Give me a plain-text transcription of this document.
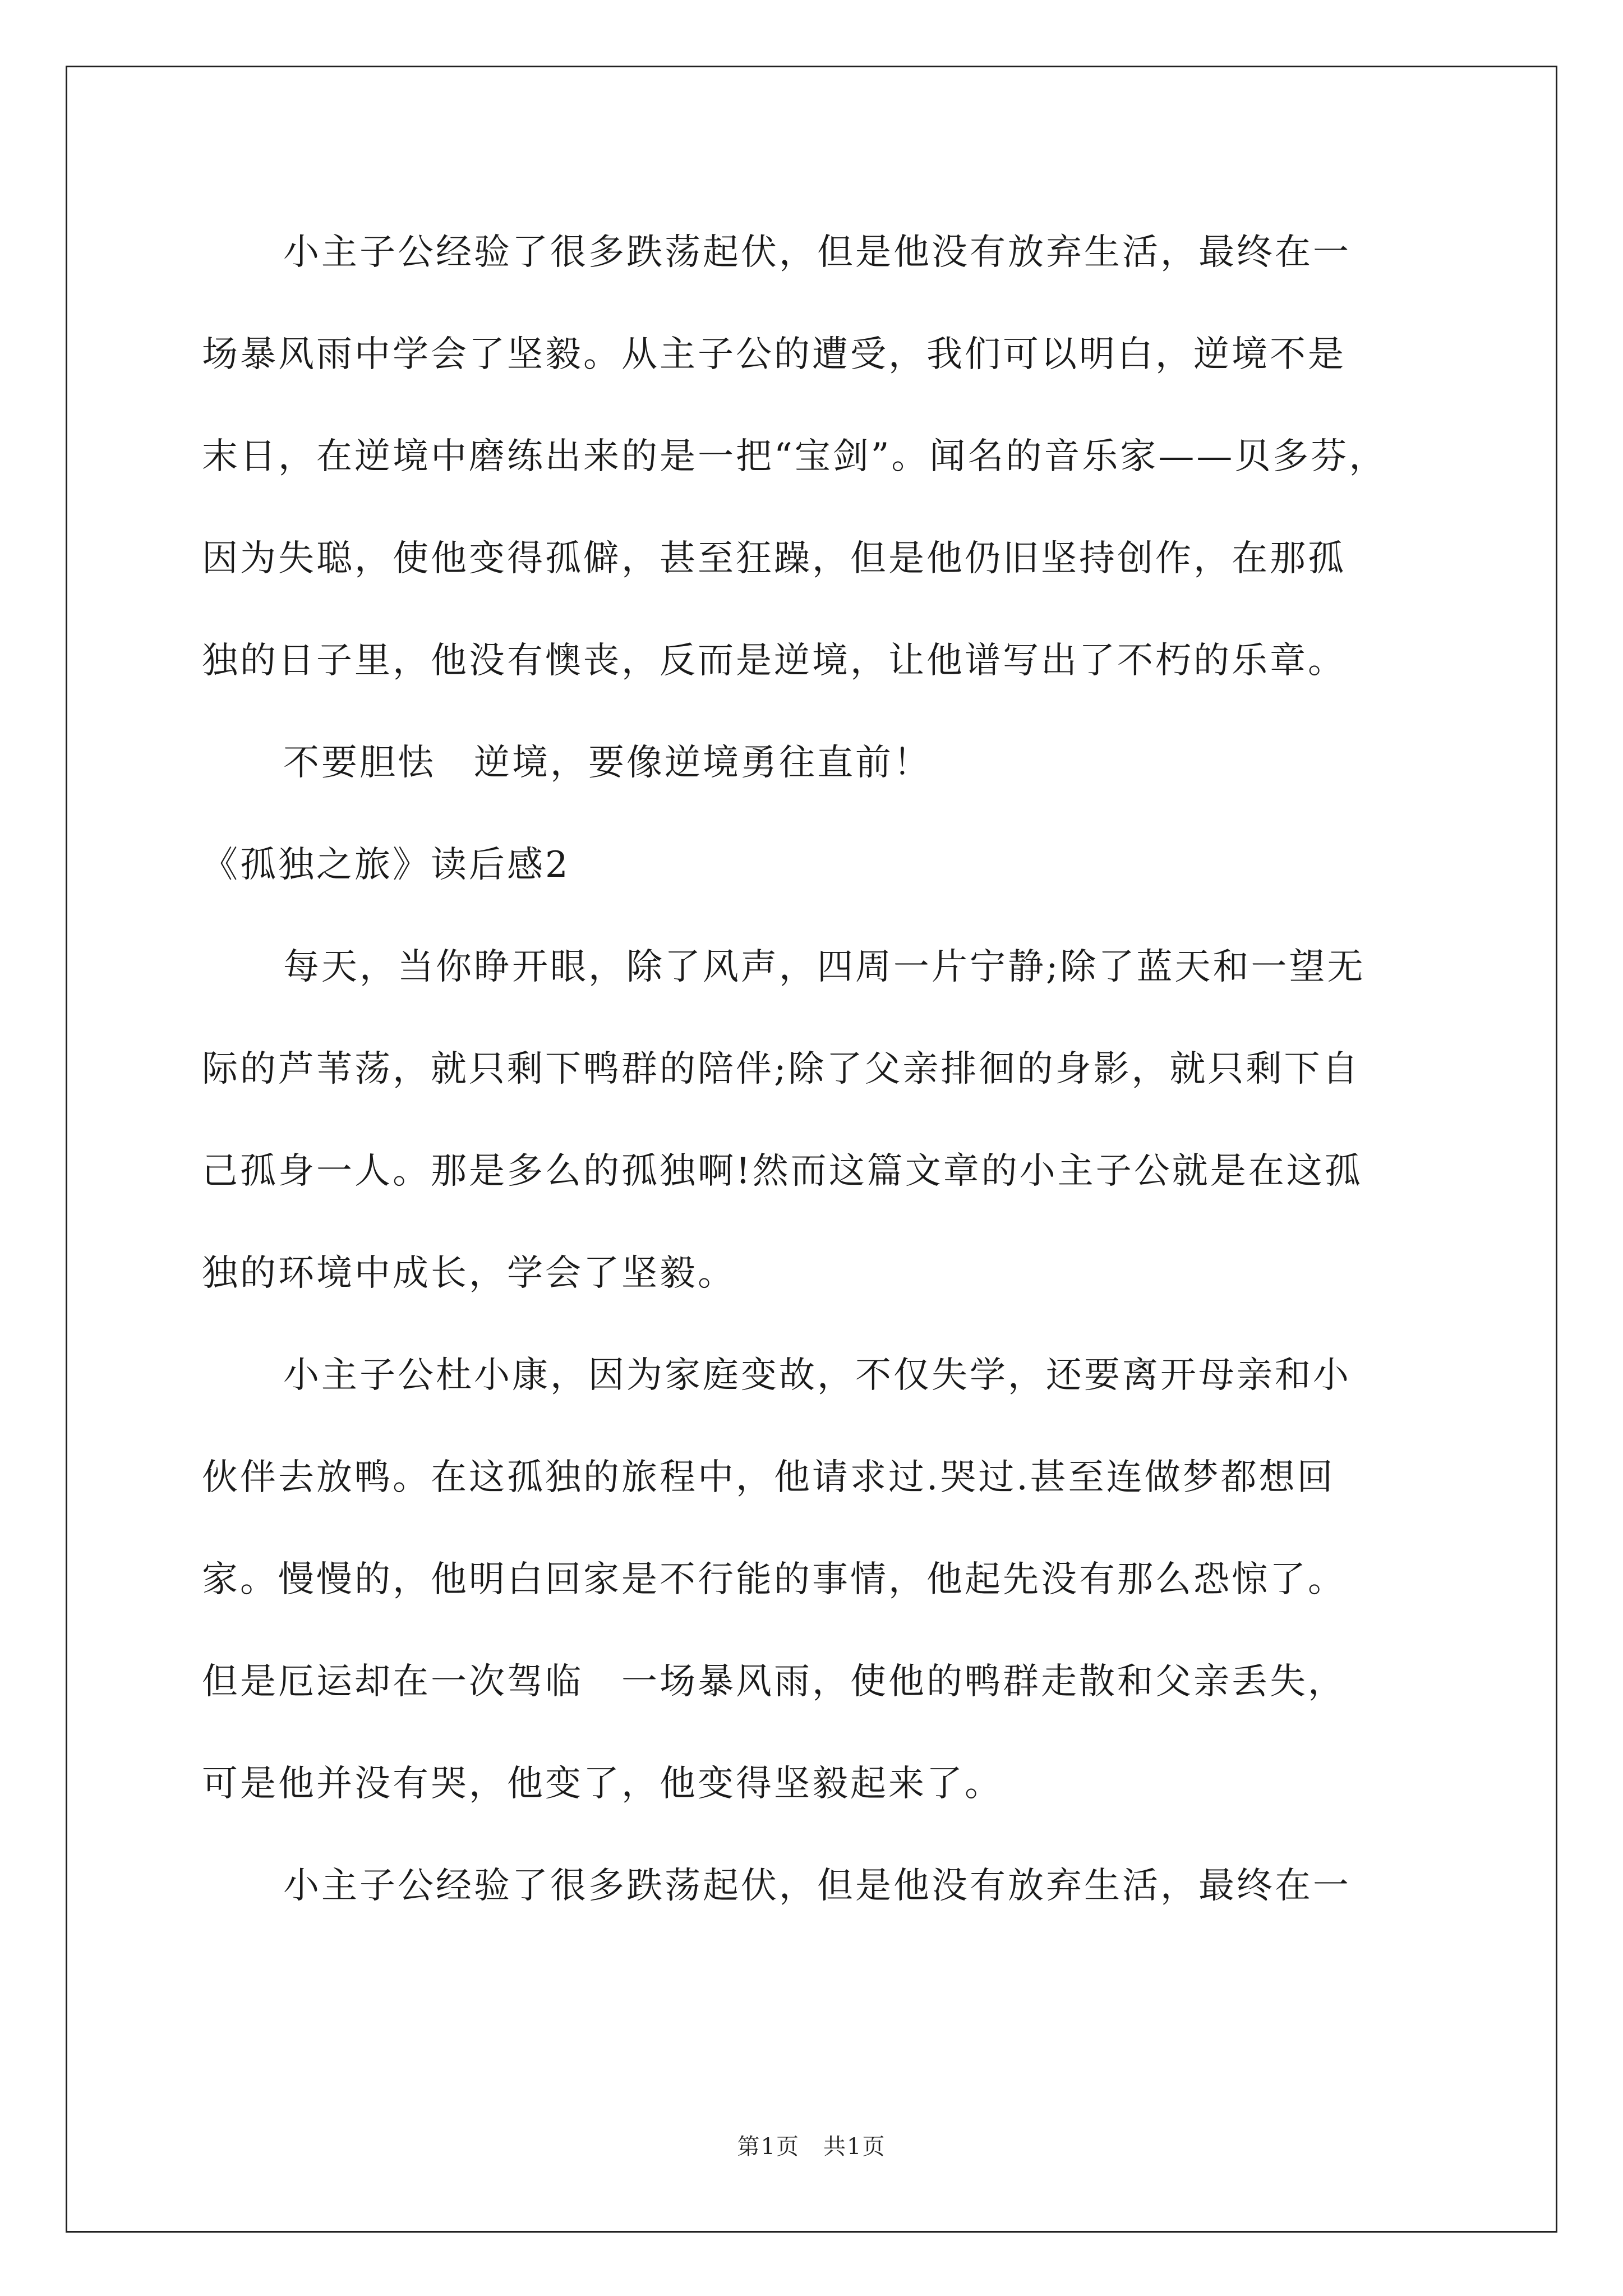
小主子公经验了很多跌荡起伏，但是他没有放弃生活，最终在一
场暴风雨中学会了坚毅。从主子公的遭受，我们可以明白，逆境不是
末日，在逆境中磨练出来的是一把“宝剑”。闻名的音乐家——贝多芬，
因为失聪，使他变得孤僻，甚至狂躁，但是他仍旧坚持创作，在那孤
独的日子里，他没有懊丧，反而是逆境，让他谱写出了不朽的乐章。
不要胆怯　逆境，要像逆境勇往直前！
《孤独之旅》读后感2
每天，当你睁开眼，除了风声，四周一片宁静;除了蓝天和一望无
际的芦苇荡，就只剩下鸭群的陪伴;除了父亲排徊的身影，就只剩下自
己孤身一人。那是多么的孤独啊!然而这篇文章的小主子公就是在这孤
独的环境中成长，学会了坚毅。
小主子公杜小康，因为家庭变故，不仅失学，还要离开母亲和小
伙伴去放鸭。在这孤独的旅程中，他请求过.哭过.甚至连做梦都想回
家。慢慢的，他明白回家是不行能的事情，他起先没有那么恐惊了。
但是厄运却在一次驾临　一场暴风雨，使他的鸭群走散和父亲丢失，
可是他并没有哭，他变了，他变得坚毅起来了。
小主子公经验了很多跌荡起伏，但是他没有放弃生活，最终在一
第1页　共1页
